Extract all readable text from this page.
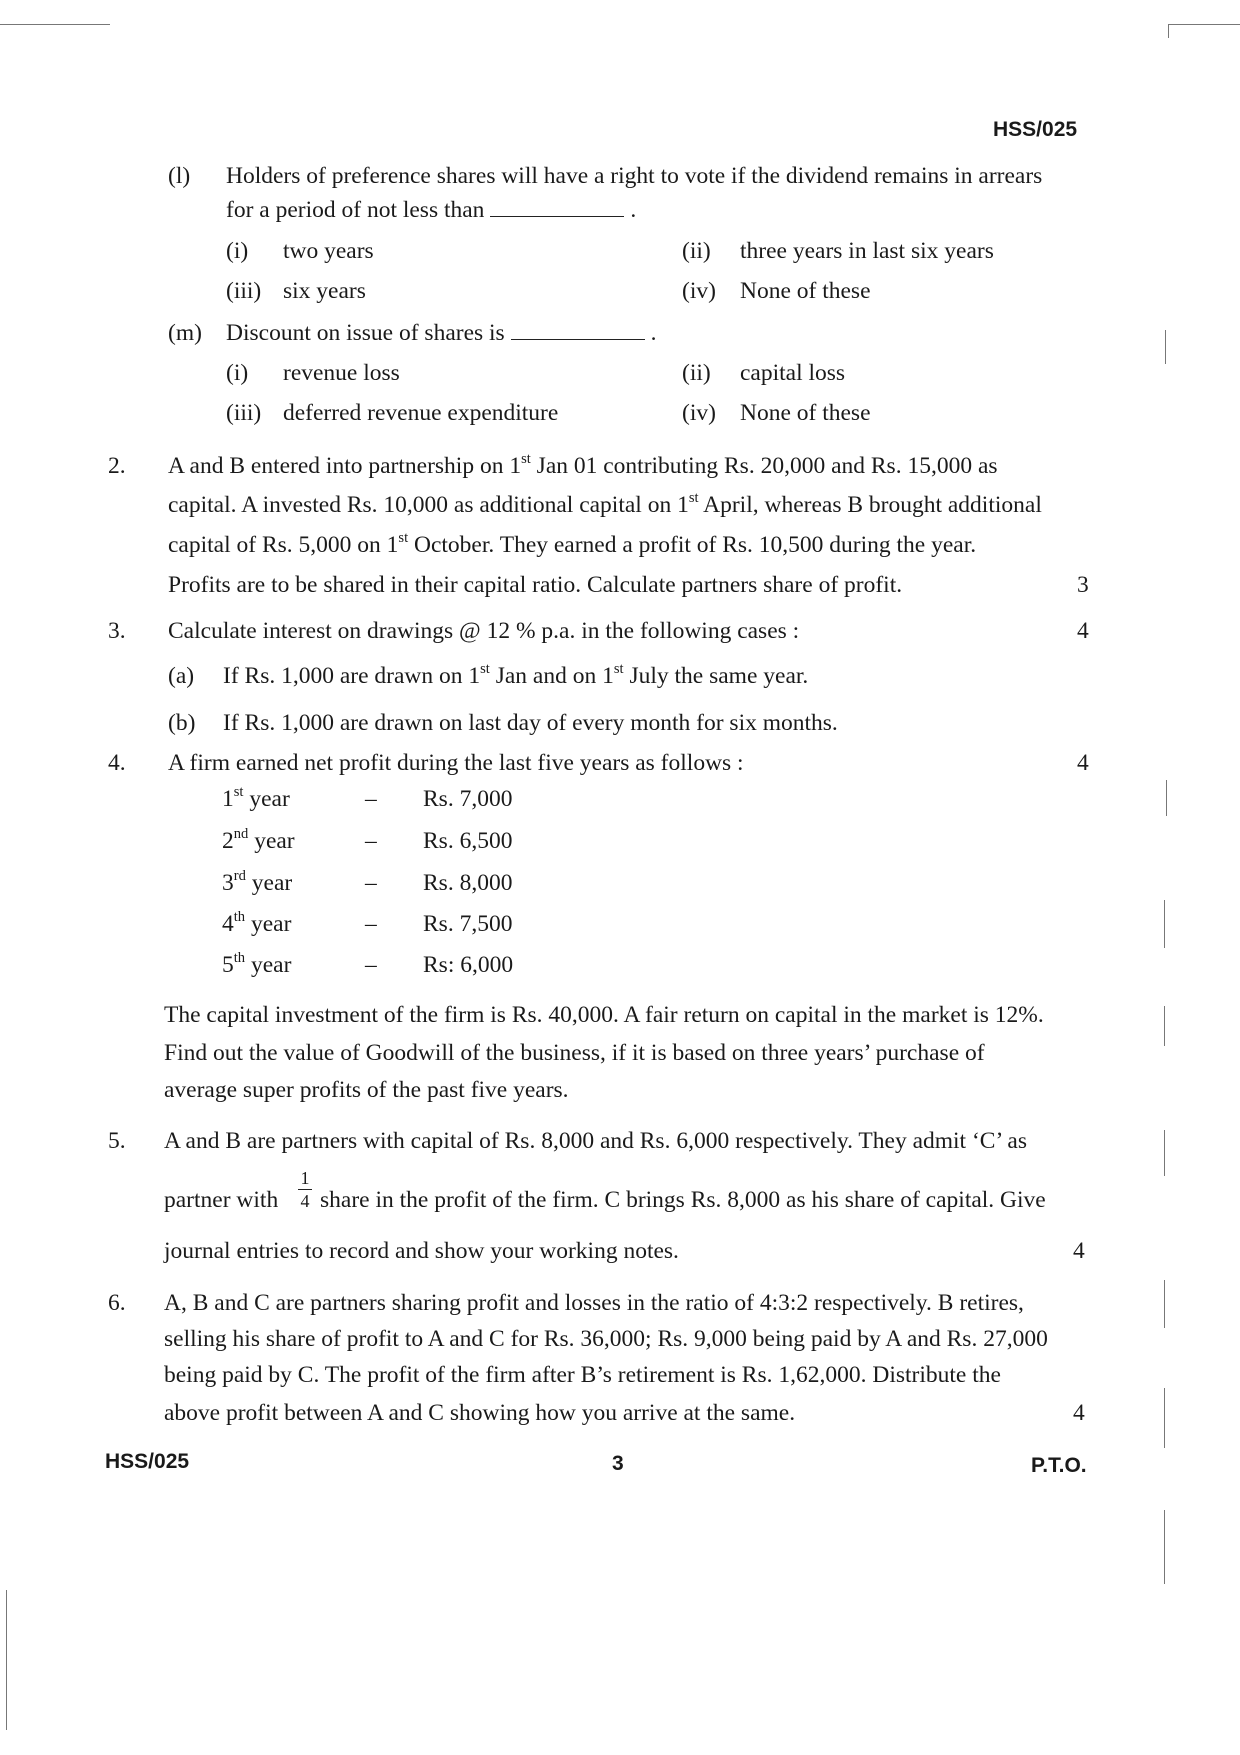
HSS/025
(l) Holders of preference shares will have a right to vote if the dividend remains in arrears
for a period of not less than	.
(i) two years	(ii) three years in last six years
(iii) six years	(iv) None of these
(m) Discount on issue of shares is	.
(i) revenue loss	(ii) capital loss
(iii) deferred revenue expenditure	(iv) None of these
2. A and B entered into partnership on 1st Jan 01 contributing Rs. 20,000 and Rs. 15,000 as
capital. A invested Rs. 10,000 as additional capital on 1st April, whereas B brought additional
capital of Rs. 5,000 on 1st October. They earned a profit of Rs. 10,500 during the year.
Profits are to be shared in their capital ratio. Calculate partners share of profit.	3
3. Calculate interest on drawings @ 12 % p.a. in the following cases :	4
(a) If Rs. 1,000 are drawn on 1st Jan and on 1st July the same year.
(b) If Rs. 1,000 are drawn on last day of every month for six months.
4. A firm earned net profit during the last five years as follows :	4
1st year	– Rs. 7,000
2nd year	– Rs. 6,500
3rd year	– Rs. 8,000
4th year	– Rs. 7,500
5th year	– Rs: 6,000
The capital investment of the firm is Rs. 40,000. A fair return on capital in the market is 12%.
Find out the value of Goodwill of the business, if it is based on three years’ purchase of
average super profits of the past five years.
5. A and B are partners with capital of Rs. 8,000 and Rs. 6,000 respectively. They admit ‘C’ as
partner with
1
4 share in the profit of the firm. C brings Rs. 8,000 as his share of capital. Give
journal entries to record and show your working notes.	4
6. A, B and C are partners sharing profit and losses in the ratio of 4:3:2 respectively. B retires,
selling his share of profit to A and C for Rs. 36,000; Rs. 9,000 being paid by A and Rs. 27,000
being paid by C. The profit of the firm after B’s retirement is Rs. 1,62,000. Distribute the
above profit between A and C showing how you arrive at the same.	4
HSS/025	3	P.T.O.
